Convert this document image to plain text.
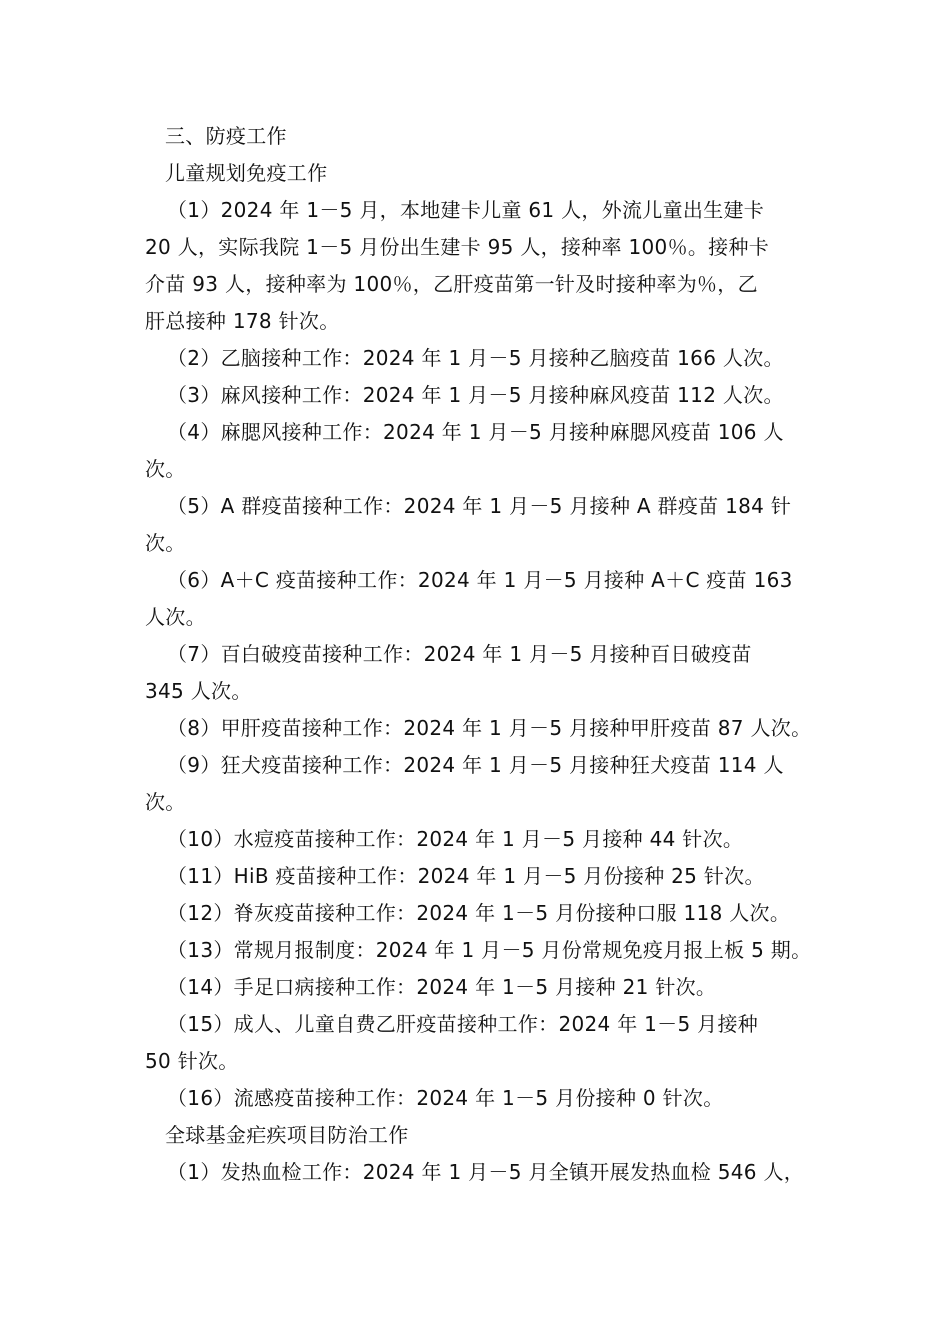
三、防疫工作
儿童规划免疫工作
（1）2024 年 1－5 月，本地建卡儿童 61 人，外流儿童出生建卡
20 人，实际我院 1－5 月份出生建卡 95 人，接种率 100％。接种卡
介苗 93 人，接种率为 100％，乙肝疫苗第一针及时接种率为％，乙
肝总接种 178 针次。
（2）乙脑接种工作：2024 年 1 月－5 月接种乙脑疫苗 166 人次。
（3）麻风接种工作：2024 年 1 月－5 月接种麻风疫苗 112 人次。
（4）麻腮风接种工作：2024 年 1 月－5 月接种麻腮风疫苗 106 人
次。
（5）A 群疫苗接种工作：2024 年 1 月－5 月接种 A 群疫苗 184 针
次。
（6）A＋C 疫苗接种工作：2024 年 1 月－5 月接种 A＋C 疫苗 163
人次。
（7）百白破疫苗接种工作：2024 年 1 月－5 月接种百日破疫苗
345 人次。
（8）甲肝疫苗接种工作：2024 年 1 月－5 月接种甲肝疫苗 87 人次。
（9）狂犬疫苗接种工作：2024 年 1 月－5 月接种狂犬疫苗 114 人
次。
（10）水痘疫苗接种工作：2024 年 1 月－5 月接种 44 针次。
（11）HiB 疫苗接种工作：2024 年 1 月－5 月份接种 25 针次。
（12）脊灰疫苗接种工作：2024 年 1－5 月份接种口服 118 人次。
（13）常规月报制度：2024 年 1 月－5 月份常规免疫月报上板 5 期。
（14）手足口病接种工作：2024 年 1－5 月接种 21 针次。
（15）成人、儿童自费乙肝疫苗接种工作：2024 年 1－5 月接种
50 针次。
（16）流感疫苗接种工作：2024 年 1－5 月份接种 0 针次。
全球基金疟疾项目防治工作
（1）发热血检工作：2024 年 1 月－5 月全镇开展发热血检 546 人，
